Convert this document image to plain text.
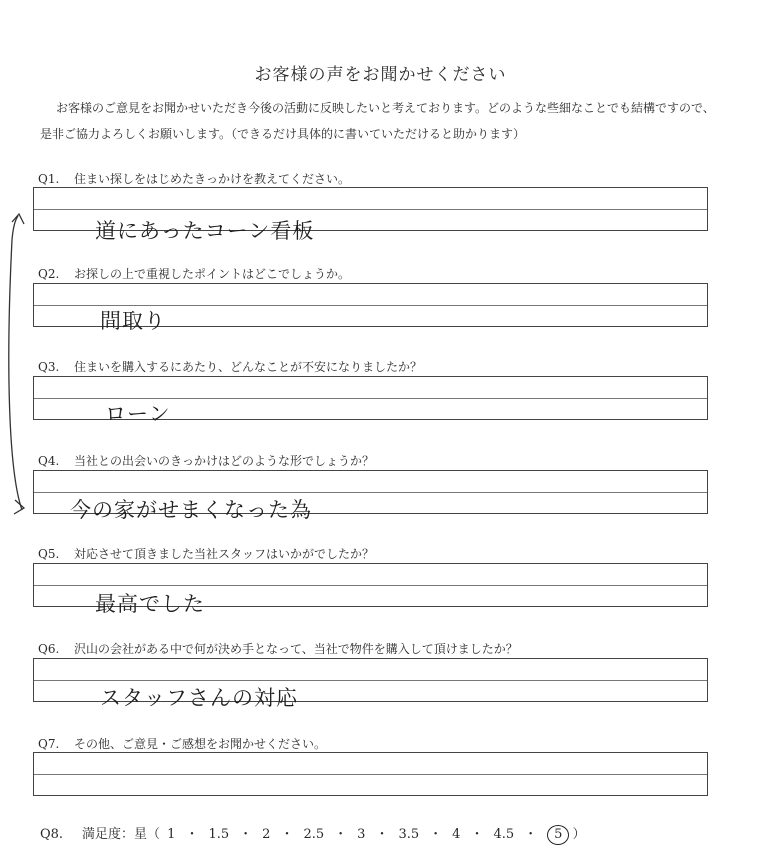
お客様の声をお聞かせください
お客様のご意見をお聞かせいただき今後の活動に反映したいと考えております。どのような些細なことでも結構ですので、是非ご協力よろしくお願いします。（できるだけ具体的に書いていただけると助かります）
Q1. 住まい探しをはじめたきっかけを教えてください。
道にあったコーン看板
Q2. お探しの上で重視したポイントはどこでしょうか。
間取り
Q3. 住まいを購入するにあたり、どんなことが不安になりましたか？
ローン
Q4. 当社との出会いのきっかけはどのような形でしょうか？
今の家がせまくなった為
Q5. 対応させて頂きました当社スタッフはいかがでしたか？
最高でした
Q6. 沢山の会社がある中で何が決め手となって、当社で物件を購入して頂けましたか？
スタッフさんの対応
Q7. その他、ご意見・ご感想をお聞かせください。
Q8. 満足度：星（ 1 ・ 1.5 ・ 2 ・ 2.5 ・ 3 ・ 3.5 ・ 4 ・ 4.5 ・ 5 ）
